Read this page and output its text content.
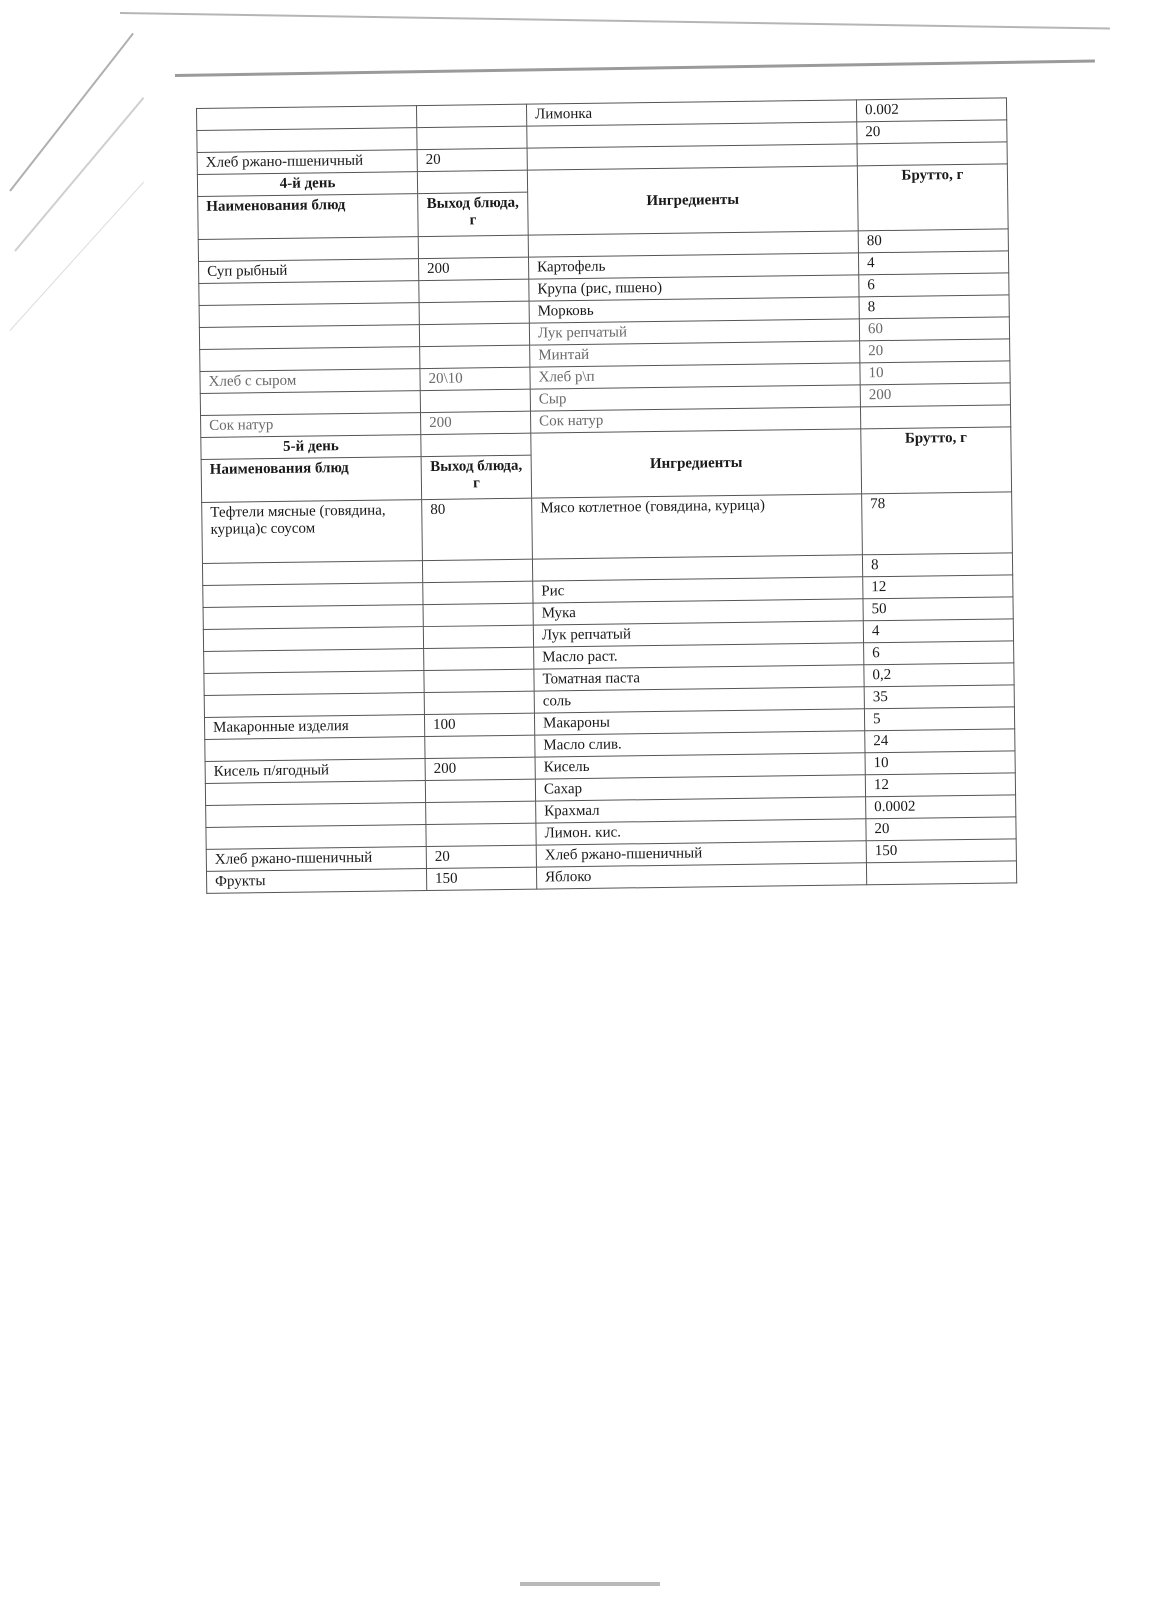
		Лимонка	0.002
			20
Хлеб ржано-пшеничный	20		
4-й день		Ингредиенты	Брутто, г
Наименования блюд	Выход блюда, г		
			80
Суп рыбный	200	Картофель	4
		Крупа (рис, пшено)	6
		Морковь	8
		Лук репчатый	60
		Минтай	20
Хлеб с сыром	20\10	Хлеб р\п	10
		Сыр	200
Сок натур	200	Сок натур	
5-й день		Ингредиенты	Брутто, г
Наименования блюд	Выход блюда, г		
Тефтели мясные (говядина, курица)с соусом	80	Мясо котлетное (говядина, курица)	78
			8
		Рис	12
		Мука	50
		Лук репчатый	4
		Масло раст.	6
		Томатная паста	0,2
		соль	35
Макаронные изделия	100	Макароны	5
		Масло слив.	24
Кисель п/ягодный	200	Кисель	10
		Сахар	12
		Крахмал	0.0002
		Лимон. кис.	20
Хлеб ржано-пшеничный	20	Хлеб ржано-пшеничный	150
Фрукты	150	Яблоко	
